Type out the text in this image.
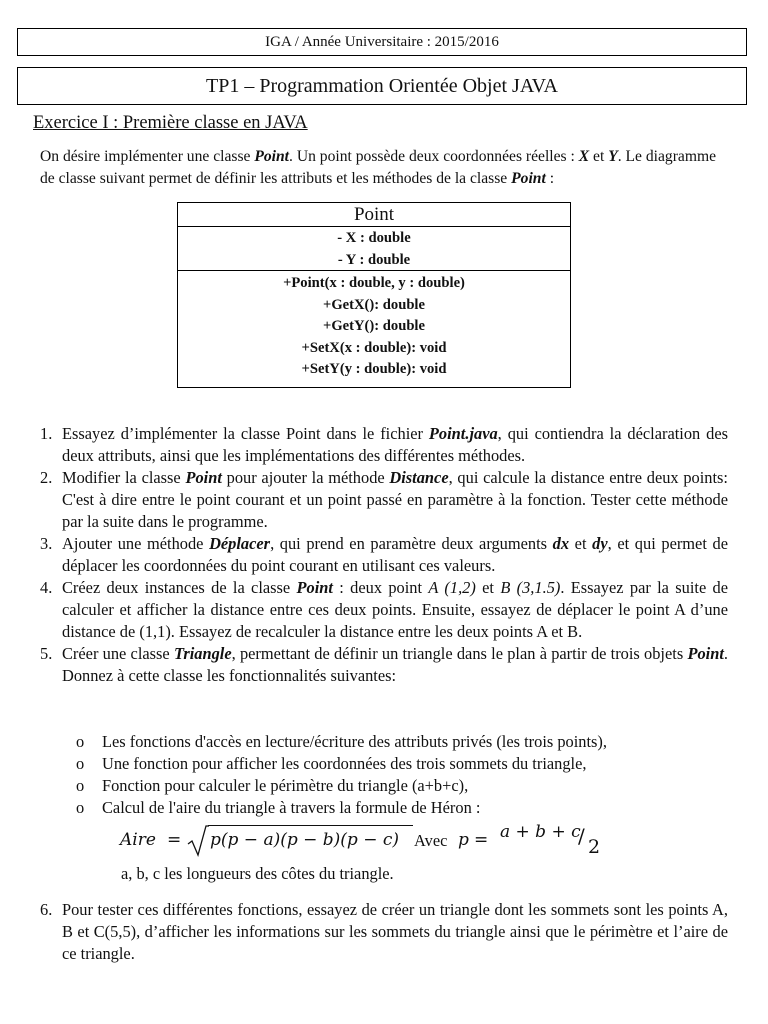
IGA / Année Universitaire : 2015/2016
TP1 – Programmation Orientée Objet JAVA
Exercice I : Première classe en JAVA
On désire implémenter une classe Point. Un point possède deux coordonnées réelles : X et Y. Le diagramme de classe suivant permet de définir les attributs et les méthodes de la classe Point :
Point
- X : double
- Y : double
+Point(x : double, y : double)
+GetX(): double
+GetY(): double
+SetX(x : double): void
+SetY(y : double): void
1. Essayez d’implémenter la classe Point dans le fichier Point.java, qui contiendra la déclaration des deux attributs, ainsi que les implémentations des différentes méthodes.
2. Modifier la classe Point pour ajouter la méthode Distance, qui calcule la distance entre deux points: C'est à dire entre le point courant et un point passé en paramètre à la fonction. Tester cette méthode par la suite dans le programme.
3. Ajouter une méthode Déplacer, qui prend en paramètre deux arguments dx et dy, et qui permet de déplacer les coordonnées du point courant en utilisant ces valeurs.
4. Créez deux instances de la classe Point : deux point A (1,2) et B (3,1.5). Essayez par la suite de calculer et afficher la distance entre ces deux points. Ensuite, essayez de déplacer le point A d’une distance de (1,1). Essayez de recalculer la distance entre les deux points A et B.
5. Créer une classe Triangle, permettant de définir un triangle dans le plan à partir de trois objets Point. Donnez à cette classe les fonctionnalités suivantes:
o Les fonctions d'accès en lecture/écriture des attributs privés (les trois points),
o Une fonction pour afficher les coordonnées des trois sommets du triangle,
o Fonction pour calculer le périmètre du triangle (a+b+c),
o Calcul de l'aire du triangle à travers la formule de Héron :
Aire = p(p − a)(p − b)(p − c) Avec p = a + b + c
/ 2
a, b, c les longueurs des côtes du triangle.
6. Pour tester ces différentes fonctions, essayez de créer un triangle dont les sommets sont les points A, B et C(5,5), d’afficher les informations sur les sommets du triangle ainsi que le périmètre et l’aire de ce triangle.
